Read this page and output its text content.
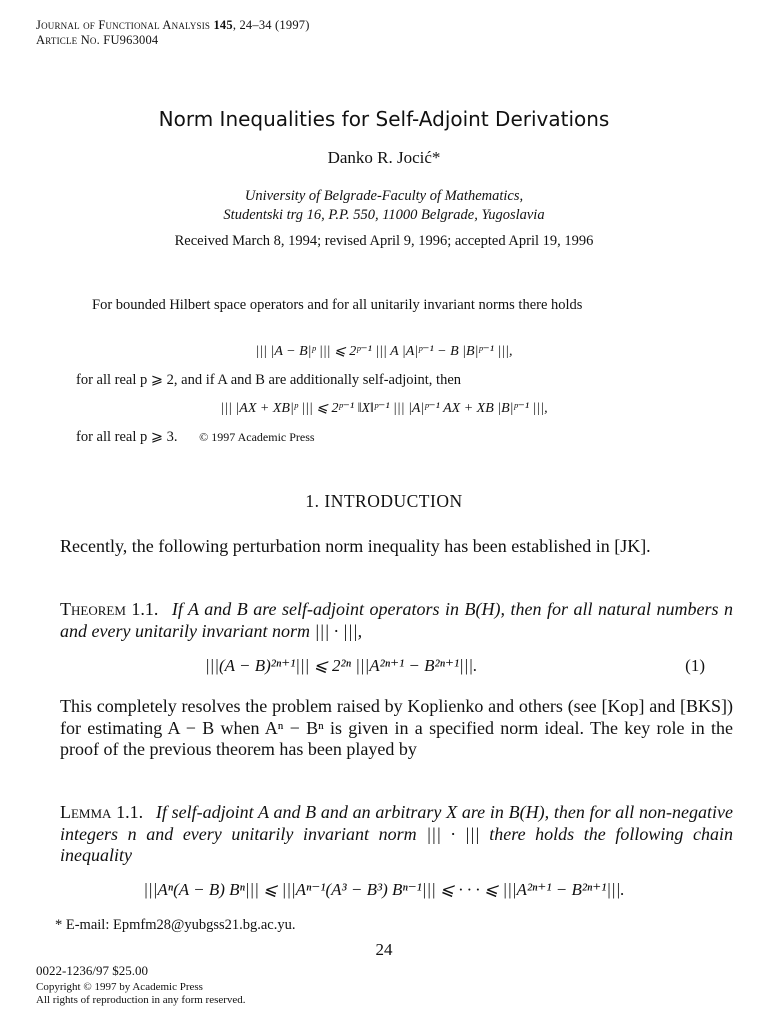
Journal of Functional Analysis 145, 24–34 (1997)
Article No. FU963004
Norm Inequalities for Self-Adjoint Derivations
Danko R. Jocić*
University of Belgrade-Faculty of Mathematics,
Studentski trg 16, P.P. 550, 11000 Belgrade, Yugoslavia
Received March 8, 1994; revised April 9, 1996; accepted April 19, 1996
For bounded Hilbert space operators and for all unitarily invariant norms there holds
||| |A − B|ᵖ ||| ⩽ 2ᵖ⁻¹ ||| A |A|ᵖ⁻¹ − B |B|ᵖ⁻¹ |||,
for all real p ⩾ 2, and if A and B are additionally self-adjoint, then
||| |AX + XB|ᵖ ||| ⩽ 2ᵖ⁻¹ ‖X‖ᵖ⁻¹ ||| |A|ᵖ⁻¹ AX + XB |B|ᵖ⁻¹ |||,
for all real p ⩾ 3. © 1997 Academic Press
1. INTRODUCTION
Recently, the following perturbation norm inequality has been established in [JK].
Theorem 1.1. If A and B are self-adjoint operators in B(H), then for all natural numbers n and every unitarily invariant norm ||| · |||,
|||(A − B)²ⁿ⁺¹||| ⩽ 2²ⁿ |||A²ⁿ⁺¹ − B²ⁿ⁺¹|||.	(1)
This completely resolves the problem raised by Koplienko and others (see [Kop] and [BKS]) for estimating A − B when Aⁿ − Bⁿ is given in a specified norm ideal. The key role in the proof of the previous theorem has been played by
Lemma 1.1. If self-adjoint A and B and an arbitrary X are in B(H), then for all non-negative integers n and every unitarily invariant norm ||| · ||| there holds the following chain inequality
|||Aⁿ(A − B) Bⁿ||| ⩽ |||Aⁿ⁻¹(A³ − B³) Bⁿ⁻¹||| ⩽ · · · ⩽ |||A²ⁿ⁺¹ − B²ⁿ⁺¹|||.
* E-mail: Epmfm28@yubgss21.bg.ac.yu.
24
0022-1236/97 $25.00
Copyright © 1997 by Academic Press
All rights of reproduction in any form reserved.
